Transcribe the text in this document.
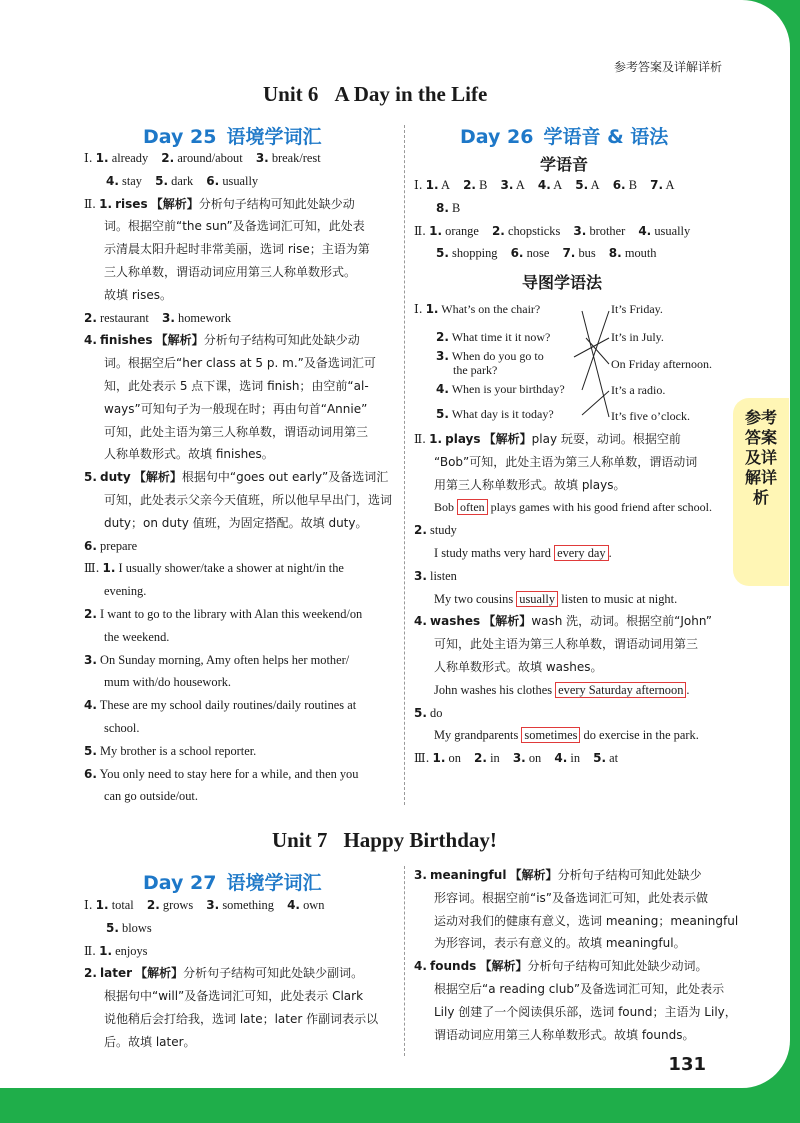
参考答案及详解详析
Unit 6 A Day in the Life
Day 25 语境学词汇
Ⅰ. 1. already 2. around/about 3. break/rest
4. stay 5. dark 6. usually
Ⅱ. 1. rises 【解析】分析句子结构可知此处缺少动
词。根据空前“the sun”及备选词汇可知，此处表
示清晨太阳升起时非常美丽，选词 rise；主语为第
三人称单数，谓语动词应用第三人称单数形式。
故填 rises。
2. restaurant 3. homework
4. finishes 【解析】分析句子结构可知此处缺少动
词。根据空后“her class at 5 p. m.”及备选词汇可
知，此处表示 5 点下课，选词 finish；由空前“al-
ways”可知句子为一般现在时；再由句首“Annie”
可知，此处主语为第三人称单数，谓语动词用第三
人称单数形式。故填 finishes。
5. duty 【解析】根据句中“goes out early”及备选词汇
可知，此处表示父亲今天值班，所以他早早出门，选词
duty；on duty 值班，为固定搭配。故填 duty。
6. prepare
Ⅲ. 1. I usually shower/take a shower at night/in the
evening.
2. I want to go to the library with Alan this weekend/on
the weekend.
3. On Sunday morning, Amy often helps her mother/
mum with/do housework.
4. These are my school daily routines/daily routines at
school.
5. My brother is a school reporter.
6. You only need to stay here for a while, and then you
can go outside/out.
Day 26 学语音 & 语法
学语音
Ⅰ. 1. A 2. B 3. A 4. A 5. A 6. B 7. A
8. B
Ⅱ. 1. orange 2. chopsticks 3. brother 4. usually
5. shopping 6. nose 7. bus 8. mouth
导图学语法
Ⅰ. 1. What’s on the chair?
2. What time it it now?
3. When do you go to
the park?
4. When is your birthday?
5. What day is it today?
It’s Friday.
It’s in July.
On Friday afternoon.
It’s a radio.
It’s five o’clock.
Ⅱ. 1. plays 【解析】play 玩耍，动词。根据空前
“Bob”可知，此处主语为第三人称单数，谓语动词
用第三人称单数形式。故填 plays。
Bob often plays games with his good friend after school.
2. study
I study maths very hard every day .
3. listen
My two cousins usually listen to music at night.
4. washes 【解析】wash 洗，动词。根据空前“John”
可知，此处主语为第三人称单数，谓语动词用第三
人称单数形式。故填 washes。
John washes his clothes every Saturday afternoon .
5. do
My grandparents sometimes do exercise in the park.
Ⅲ. 1. on 2. in 3. on 4. in 5. at
Unit 7 Happy Birthday!
Day 27 语境学词汇
Ⅰ. 1. total 2. grows 3. something 4. own
5. blows
Ⅱ. 1. enjoys
2. later 【解析】分析句子结构可知此处缺少副词。
根据句中“will”及备选词汇可知，此处表示 Clark
说他稍后会打给我，选词 late；later 作副词表示以
后。故填 later。
3. meaningful 【解析】分析句子结构可知此处缺少
形容词。根据空前“is”及备选词汇可知，此处表示做
运动对我们的健康有意义，选词 meaning；meaningful
为形容词，表示有意义的。故填 meaningful。
4. founds 【解析】分析句子结构可知此处缺少动词。
根据空后“a reading club”及备选词汇可知，此处表示
Lily 创建了一个阅读俱乐部，选词 found；主语为 Lily，
谓语动词应用第三人称单数形式。故填 founds。
参考答案及详解详析
131
